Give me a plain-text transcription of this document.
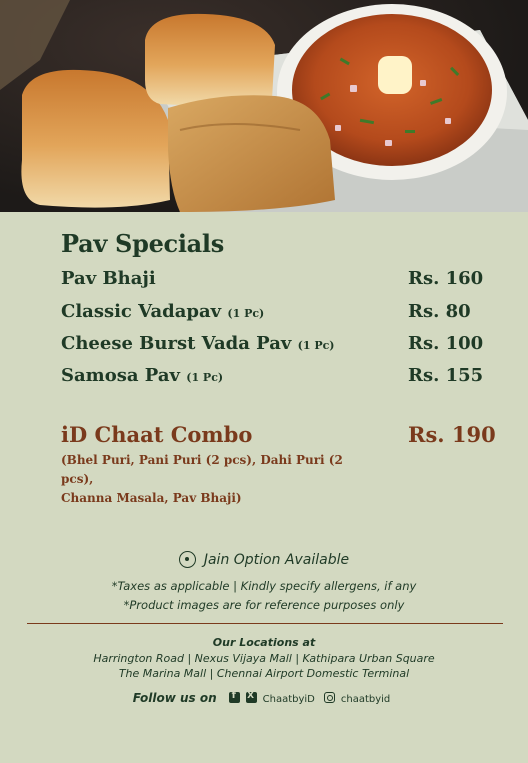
Pav Specials
Pav Bhaji	Rs. 160
Classic Vadapav (1 Pc)	Rs. 80
Cheese Burst Vada Pav (1 Pc)	Rs. 100
Samosa Pav (1 Pc)	Rs. 155
iD Chaat Combo	Rs. 190
(Bhel Puri, Pani Puri (2 pcs), Dahi Puri (2 pcs),
Channa Masala, Pav Bhaji)
Jain Option Available
*Taxes as applicable | Kindly specify allergens, if any
*Product images are for reference purposes only
Our Locations at
Harrington Road | Nexus Vijaya Mall | Kathipara Urban Square
The Marina Mall | Chennai Airport Domestic Terminal
Follow us on f X	ChaatbyiD	chaatbyid
